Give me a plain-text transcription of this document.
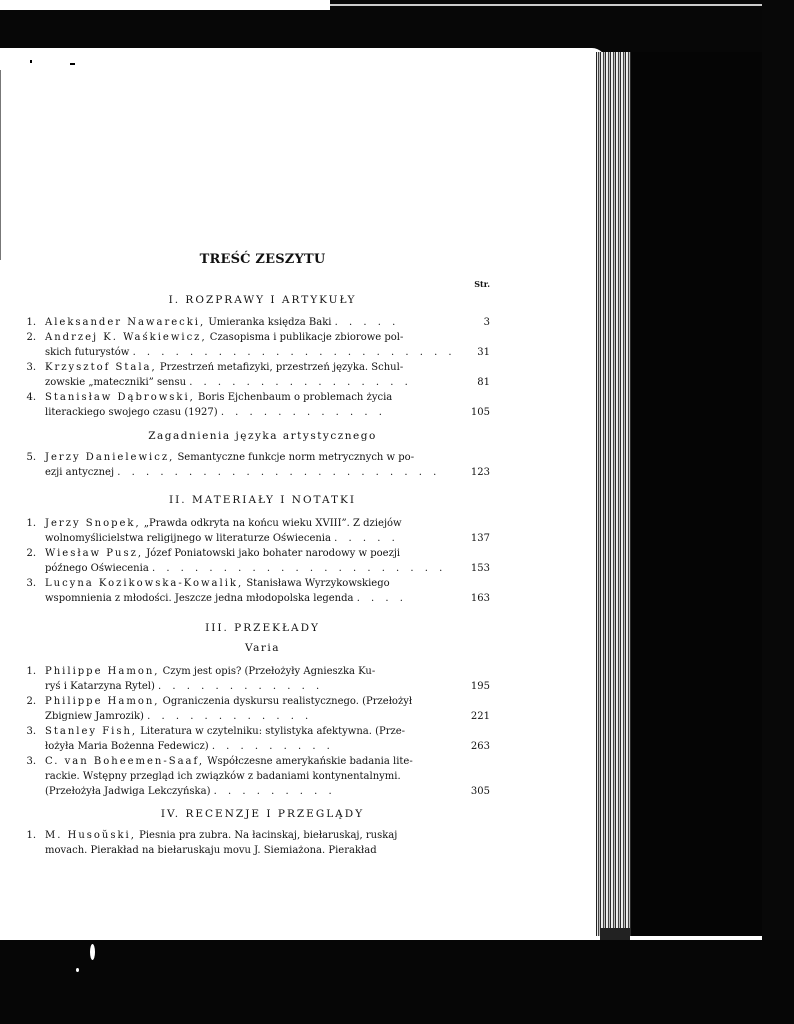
TREŚĆ ZESZYTU
Str.
I. ROZPRAWY I ARTYKUŁY
1. Aleksander Nawarecki, Umieranka księdza Baki . . . . .	3
2. Andrzej K. Waśkiewicz, Czasopisma i publikacje zbiorowe pol-
skich futurystów . . . . . . . . . . . . . . . . . . . . . . .	31
3. Krzysztof Stala, Przestrzeń metafizyki, przestrzeń języka. Schul-
zowskie „mateczniki” sensu . . . . . . . . . . . . . . . .	81
4. Stanisław Dąbrowski, Boris Ejchenbaum o problemach życia
literackiego swojego czasu (1927) . . . . . . . . . . . .	105
Zagadnienia języka artystycznego
5. Jerzy Danielewicz, Semantyczne funkcje norm metrycznych w po-
ezji antycznej . . . . . . . . . . . . . . . . . . . . . . .	123
II. MATERIAŁY I NOTATKI
1. Jerzy Snopek, „Prawda odkryta na końcu wieku XVIII”. Z dziejów
wolnomyślicielstwa religijnego w literaturze Oświecenia . . . . .	137
2. Wiesław Pusz, Józef Poniatowski jako bohater narodowy w poezji
późnego Oświecenia . . . . . . . . . . . . . . . . . . . . .	153
3. Lucyna Kozikowska-Kowalik, Stanisława Wyrzykowskiego
wspomnienia z młodości. Jeszcze jedna młodopolska legenda . . . .	163
III. PRZEKŁADY
Varia
1. Philippe Hamon, Czym jest opis? (Przełożyły Agnieszka Ku-
ryś i Katarzyna Rytel) . . . . . . . . . . . .	195
2. Philippe Hamon, Ograniczenia dyskursu realistycznego. (Przełożył
Zbigniew Jamrozik) . . . . . . . . . . . .	221
3. Stanley Fish, Literatura w czytelniku: stylistyka afektywna. (Prze-
łożyła Maria Bożenna Fedewicz) . . . . . . . . .	263
3. C. van Boheemen-Saaf, Współczesne amerykańskie badania lite-
rackie. Wstępny przegląd ich związków z badaniami kontynentalnymi.
(Przełożyła Jadwiga Lekczyńska) . . . . . . . . .	305
IV. RECENZJE I PRZEGLĄDY
1. M. Husoŭski, Piesnia pra zubra. Na łacinskaj, biełaruskaj, ruskaj
movach. Pierakład na biełaruskaju movu J. Siemiażona. Pierakład
